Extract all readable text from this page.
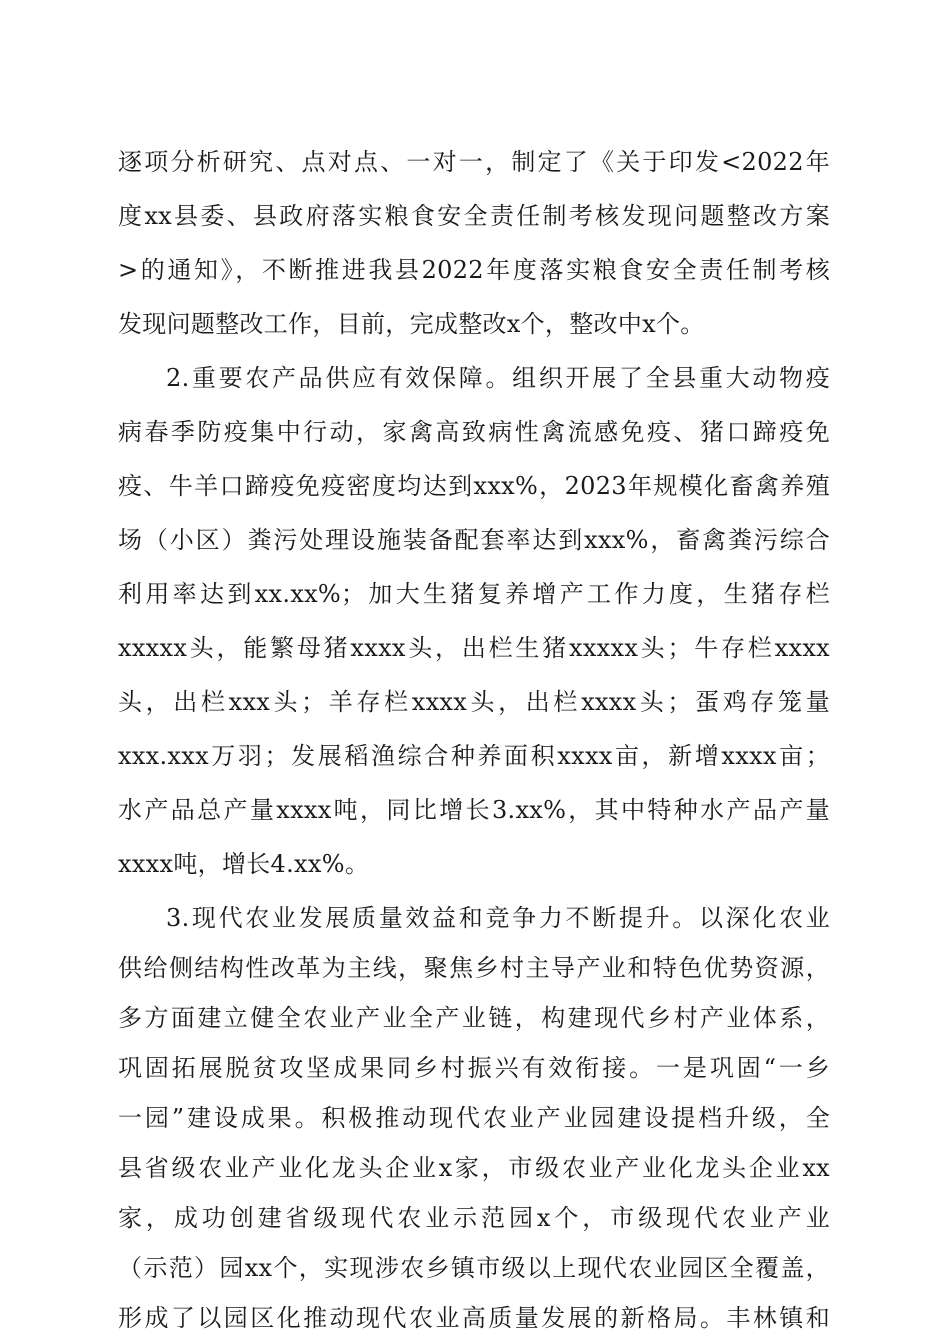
逐项分析研究、点对点、一对一，制定了《关于印发<2022年
度xx县委、县政府落实粮食安全责任制考核发现问题整改方案
>的通知》，不断推进我县2022年度落实粮食安全责任制考核
发现问题整改工作，目前，完成整改x个，整改中x个。
2.重要农产品供应有效保障。组织开展了全县重大动物疫
病春季防疫集中行动，家禽高致病性禽流感免疫、猪口蹄疫免
疫、牛羊口蹄疫免疫密度均达到xxx%，2023年规模化畜禽养殖
场（小区）粪污处理设施装备配套率达到xxx%，畜禽粪污综合
利用率达到xx.xx%；加大生猪复养增产工作力度，生猪存栏
xxxxx头，能繁母猪xxxx头，出栏生猪xxxxx头；牛存栏xxxx
头，出栏xxx头；羊存栏xxxx头，出栏xxxx头；蛋鸡存笼量
xxx.xxx万羽；发展稻渔综合种养面积xxxx亩，新增xxxx亩；
水产品总产量xxxx吨，同比增长3.xx%，其中特种水产品产量
xxxx吨，增长4.xx%。
3.现代农业发展质量效益和竞争力不断提升。以深化农业
供给侧结构性改革为主线，聚焦乡村主导产业和特色优势资源，
多方面建立健全农业产业全产业链，构建现代乡村产业体系，
巩固拓展脱贫攻坚成果同乡村振兴有效衔接。一是巩固“一乡
一园”建设成果。积极推动现代农业产业园建设提档升级，全
县省级农业产业化龙头企业x家，市级农业产业化龙头企业xx
家，成功创建省级现代农业示范园x个，市级现代农业产业
（示范）园xx个，实现涉农乡镇市级以上现代农业园区全覆盖，
形成了以园区化推动现代农业高质量发展的新格局。丰林镇和
